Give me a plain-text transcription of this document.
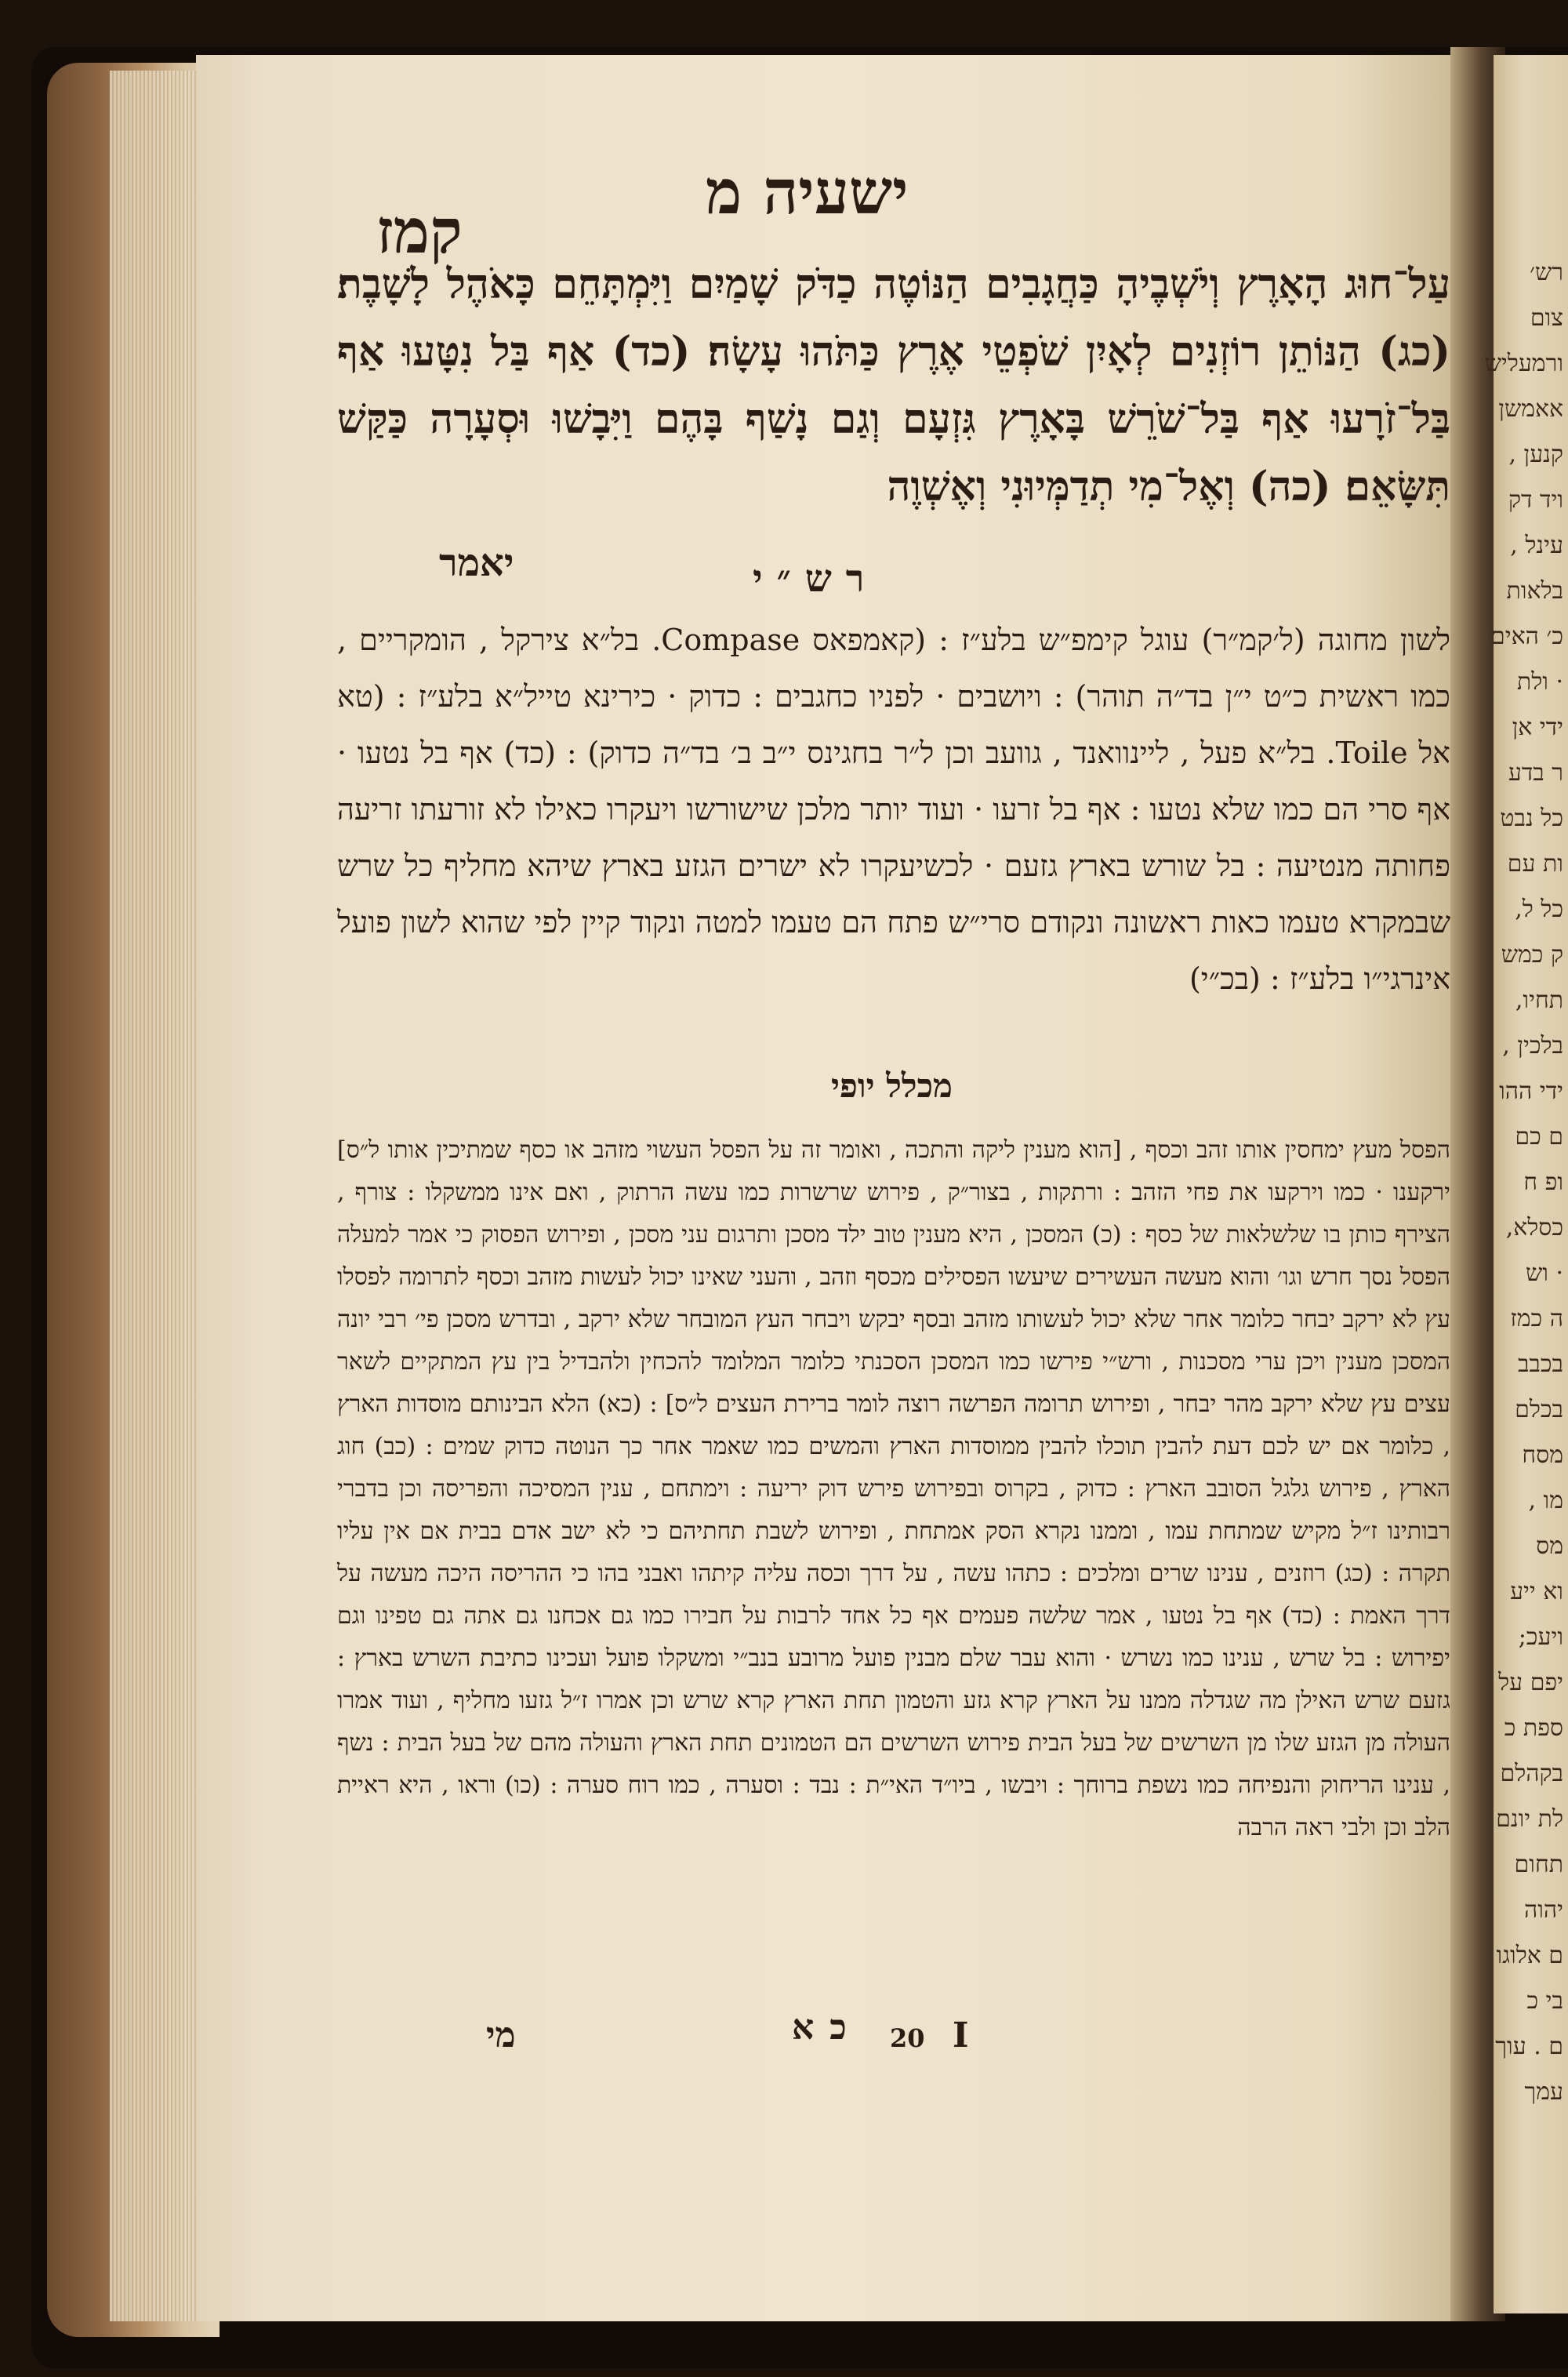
רש׳
צום
ורמעליש
אאמשן
קנען ,
ויד דק
עינל ,
בלאות
כ׳ האים
· ולת
ידי אן
ר בדע
כל נבט
ות עם
כל ל,
ק כמש
תחיו,
בלכין ,
ידי ההו
ם כם
ופ ח
כסלא,
· וש
ה כמז
בכבב
בכלם
מסח
מו ,
מס
וא ייע
ויעכ;
יפם על
ספת כ
בקהלם
לת יונם
תחום
יהוה
ם אלוגו
בי כ
ם . עוך
עמך
ישעיה מ
קמז
עַל־חוּג הָאָרֶץ וְיֹשְׁבֶיהָ כַּחֲגָבִים הַנּוֹטֶה כַדֹּק שָׁמַיִם וַיִּמְתָּחֵם כָּאֹהֶל לָשָׁבֶת׃ (כג) הַנּוֹתֵן רוֹזְנִים לְאָיִן שֹׁפְטֵי אֶרֶץ כַּתֹּהוּ עָשָׂה׃ (כד) אַף בַּל נִטָּעוּ אַף בַּל־זֹרָעוּ אַף בַּל־שֹׁרֵשׁ בָּאָרֶץ גִּזְעָם וְגַם נָשַׁף בָּהֶם וַיִּבָשׁוּ וּסְעָרָה כַּקַּשׁ תִּשָּׂאֵם׃ (כה) וְאֶל־מִי תְדַמְּיוּנִי וְאֶשְׁוֶה
רש״י
יאמר
לשון מחוגה (ל׳קמ״ר) עוגל קימפ״ש בלע״ז : (קאמפאס Compase. בל״א צירקל , הומקריים , כמו ראשית כ״ט י״ן בד״ה תוהר) : ויושבים · לפניו כחגבים : כדוק · כירינא טייל״א בלע״ז : (טא אל Toile. בל״א פעל , ליינוואנד , גוועב וכן ל״ר בחגינס י״ב ב׳ בד״ה כדוק) : (כד) אף בל נטעו · אף סרי הם כמו שלא נטעו : אף בל זרעו · ועוד יותר מלכן שישורשו ויעקרו כאילו לא זורעתו זריעה פחותה מנטיעה : בל שורש בארץ גזעם · לכשיעקרו לא ישרים הגזע בארץ שיהא מחליף כל שרש שבמקרא טעמו כאות ראשונה ונקודם סרי״ש פתח הם טעמו למטה ונקוד קיין לפי שהוא לשון פועל אינרגי״ו בלע״ז : (בכ״י)
מכלל יופי
הפסל מעץ ימחסין אותו זהב וכסף , [הוא מענין ליקה והתכה , ואומר זה על הפסל העשוי מזהב או כסף שמתיכין אותו ל״ס] ירקענו · כמו וירקעו את פחי הזהב : ורתקות , בצור״ק , פירוש שרשרות כמו עשה הרתוק , ואם אינו ממשקלו : צורף , הצירף כותן בו שלשלאות של כסף : (כ) המסכן , היא מענין טוב ילד מסכן ותרגום עני מסכן , ופירוש הפסוק כי אמר למעלה הפסל נסך חרש וגו׳ והוא מעשה העשירים שיעשו הפסילים מכסף וזהב , והעני שאינו יכול לעשות מזהב וכסף לתרומה לפסלו עץ לא ירקב יבחר כלומר אחר שלא יכול לעשותו מזהב ובסף יבקש ויבחר העץ המובחר שלא ירקב , ובדרש מסכן פי׳ רבי יונה המסכן מענין ויכן ערי מסכנות , ורש״י פירשו כמו המסכן הסכנתי כלומר המלומד להכחין ולהבדיל בין עץ המתקיים לשאר עצים עץ שלא ירקב מהר יבחר , ופירוש תרומה הפרשה רוצה לומר ברירת העצים ל״ס] : (כא) הלא הבינותם מוסדות הארץ , כלומר אם יש לכם דעת להבין תוכלו להבין ממוסדות הארץ והמשים כמו שאמר אחר כך הנוטה כדוק שמים : (כב) חוג הארץ , פירוש גלגל הסובב הארץ : כדוק , בקרוס ובפירוש פירש דוק יריעה : וימתחם , ענין המסיכה והפריסה וכן בדברי רבותינו ז״ל מקיש שמתחת עמו , וממנו נקרא הסק אמתחת , ופירוש לשבת תחתיהם כי לא ישב אדם בבית אם אין עליו תקרה : (כג) רוזנים , ענינו שרים ומלכים : כתהו עשה , על דרך וכסה עליה קיתהו ואבני בהו כי ההריסה היכה מעשה על דרך האמת : (כד) אף בל נטעו , אמר שלשה פעמים אף כל אחד לרבות על חבירו כמו גם אכחנו גם אתה גם טפינו וגם יפירוש : בל שרש , ענינו כמו נשרש · והוא עבר שלם מבנין פועל מרובע בנב״י ומשקלו פועל ועכינו כתיבת השרש בארץ : גזעם שרש האילן מה שגדלה ממנו על הארץ קרא גזע והטמון תחת הארץ קרא שרש וכן אמרו ז״ל גזעו מחליף , ועוד אמרו העולה מן הגזע שלו מן השרשים של בעל הבית פירוש השרשים הם הטמונים תחת הארץ והעולה מהם של בעל הבית : נשף , ענינו הריחוק והנפיחה כמו נשפת ברוחך : ויבשו , ביו״ד האי״ת : נבד : וסערה , כמו רוח סערה : (כו) וראו , היא ראיית הלב וכן ולבי ראה הרבה
מי	כא 20 I
